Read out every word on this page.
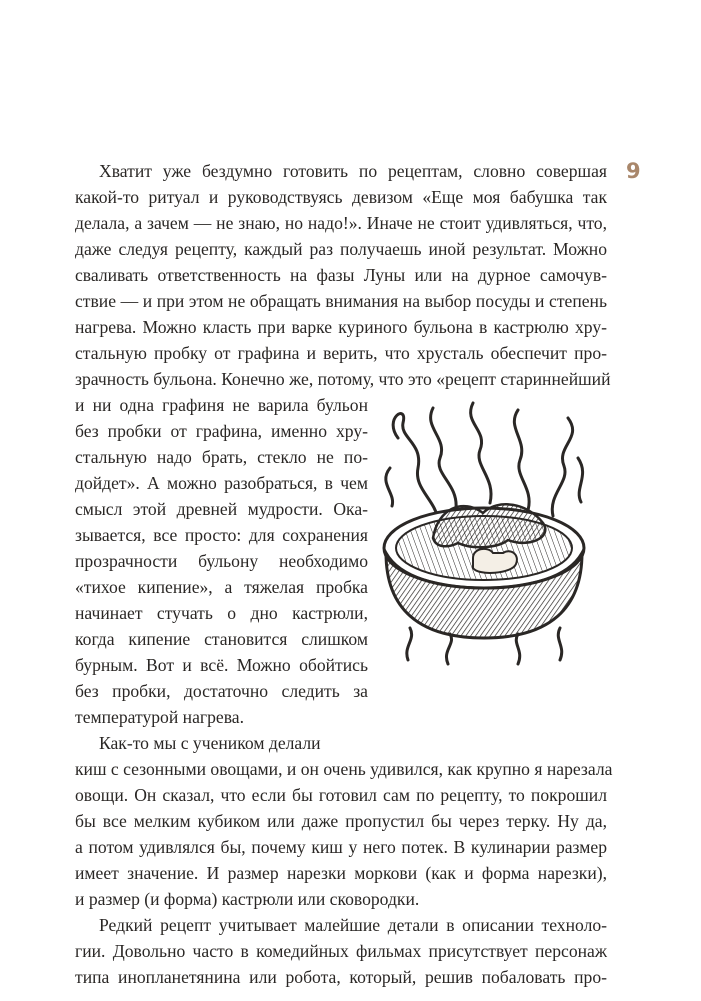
9
Хватит уже бездумно готовить по рецептам, словно совершая
какой-то ритуал и руководствуясь девизом «Еще моя бабушка так
делала, а зачем — не знаю, но надо!». Иначе не стоит удивляться, что,
даже следуя рецепту, каждый раз получаешь иной результат. Можно
сваливать ответственность на фазы Луны или на дурное самочув-
ствие — и при этом не обращать внимания на выбор посуды и степень
нагрева. Можно класть при варке куриного бульона в кастрюлю хру-
стальную пробку от графина и верить, что хрусталь обеспечит про-
зрачность бульона. Конечно же, потому, что это «рецепт стариннейший
и ни одна графиня не варила бульон
без пробки от графина, именно хру-
стальную надо брать, стекло не по-
дойдет». А можно разобраться, в чем
смысл этой древней мудрости. Ока-
зывается, все просто: для сохранения
прозрачности бульону необходимо
«тихое кипение», а тяжелая пробка
начинает стучать о дно кастрюли,
когда кипение становится слишком
бурным. Вот и всё. Можно обойтись
без пробки, достаточно следить за
температурой нагрева.
Как-то мы с учеником делали
киш с сезонными овощами, и он очень удивился, как крупно я нарезала
овощи. Он сказал, что если бы готовил сам по рецепту, то покрошил
бы все мелким кубиком или даже пропустил бы через терку. Ну да,
а потом удивлялся бы, почему киш у него потек. В кулинарии размер
имеет значение. И размер нарезки моркови (как и форма нарезки),
и размер (и форма) кастрюли или сковородки.
Редкий рецепт учитывает малейшие детали в описании техноло-
гии. Довольно часто в комедийных фильмах присутствует персонаж
типа инопланетянина или робота, который, решив побаловать про-
